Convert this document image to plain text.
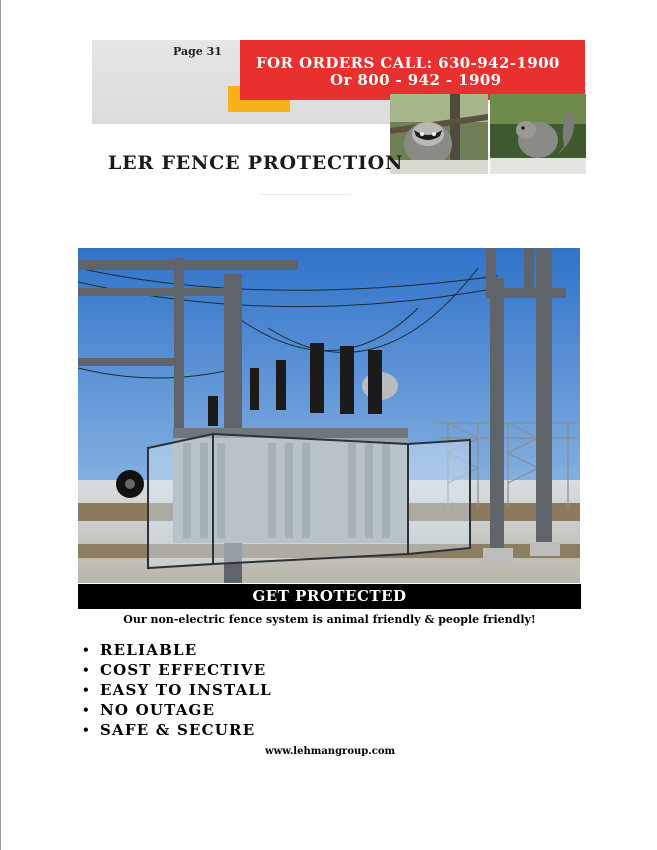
Page 31
FOR ORDERS CALL: 630-942-1900
Or 800 - 942 - 1909
LER FENCE PROTECTION
GET PROTECTED
Our non-electric fence system is animal friendly & people friendly!
• RELIABLE
• COST EFFECTIVE
• EASY TO INSTALL
• NO OUTAGE
• SAFE & SECURE
www.lehmangroup.com
